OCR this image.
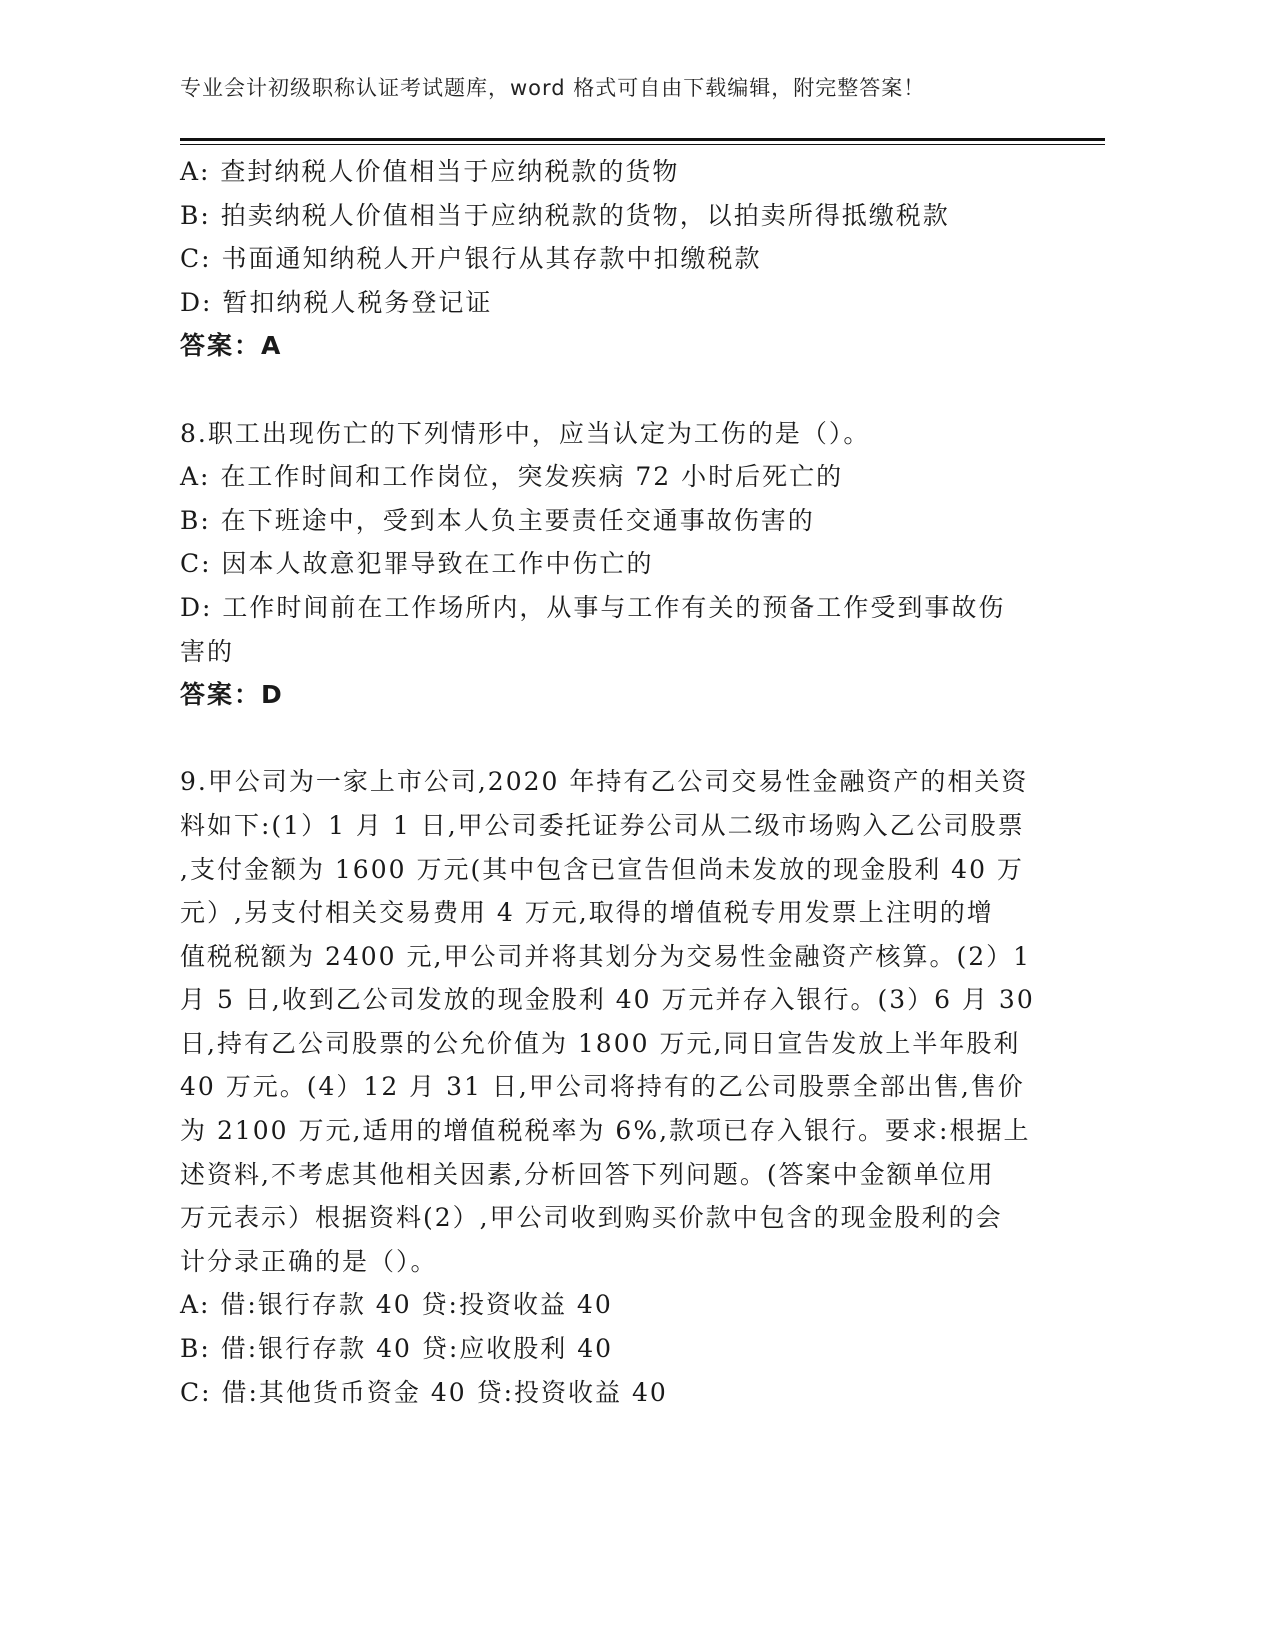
专业会计初级职称认证考试题库，word 格式可自由下载编辑，附完整答案！
A: 查封纳税人价值相当于应纳税款的货物
B: 拍卖纳税人价值相当于应纳税款的货物，以拍卖所得抵缴税款
C: 书面通知纳税人开户银行从其存款中扣缴税款
D: 暂扣纳税人税务登记证
答案：A
8.职工出现伤亡的下列情形中，应当认定为工伤的是（）。
A: 在工作时间和工作岗位，突发疾病 72 小时后死亡的
B: 在下班途中，受到本人负主要责任交通事故伤害的
C: 因本人故意犯罪导致在工作中伤亡的
D: 工作时间前在工作场所内，从事与工作有关的预备工作受到事故伤
害的
答案：D
9.甲公司为一家上市公司,2020 年持有乙公司交易性金融资产的相关资
料如下:(1）1 月 1 日,甲公司委托证券公司从二级市场购入乙公司股票
,支付金额为 1600 万元(其中包含已宣告但尚未发放的现金股利 40 万
元）,另支付相关交易费用 4 万元,取得的增值税专用发票上注明的增
值税税额为 2400 元,甲公司并将其划分为交易性金融资产核算。(2）1
月 5 日,收到乙公司发放的现金股利 40 万元并存入银行。(3）6 月 30
日,持有乙公司股票的公允价值为 1800 万元,同日宣告发放上半年股利
40 万元。(4）12 月 31 日,甲公司将持有的乙公司股票全部出售,售价
为 2100 万元,适用的增值税税率为 6%,款项已存入银行。要求:根据上
述资料,不考虑其他相关因素,分析回答下列问题。(答案中金额单位用
万元表示）根据资料(2）,甲公司收到购买价款中包含的现金股利的会
计分录正确的是（）。
A: 借:银行存款 40 贷:投资收益 40
B: 借:银行存款 40 贷:应收股利 40
C: 借:其他货币资金 40 贷:投资收益 40
